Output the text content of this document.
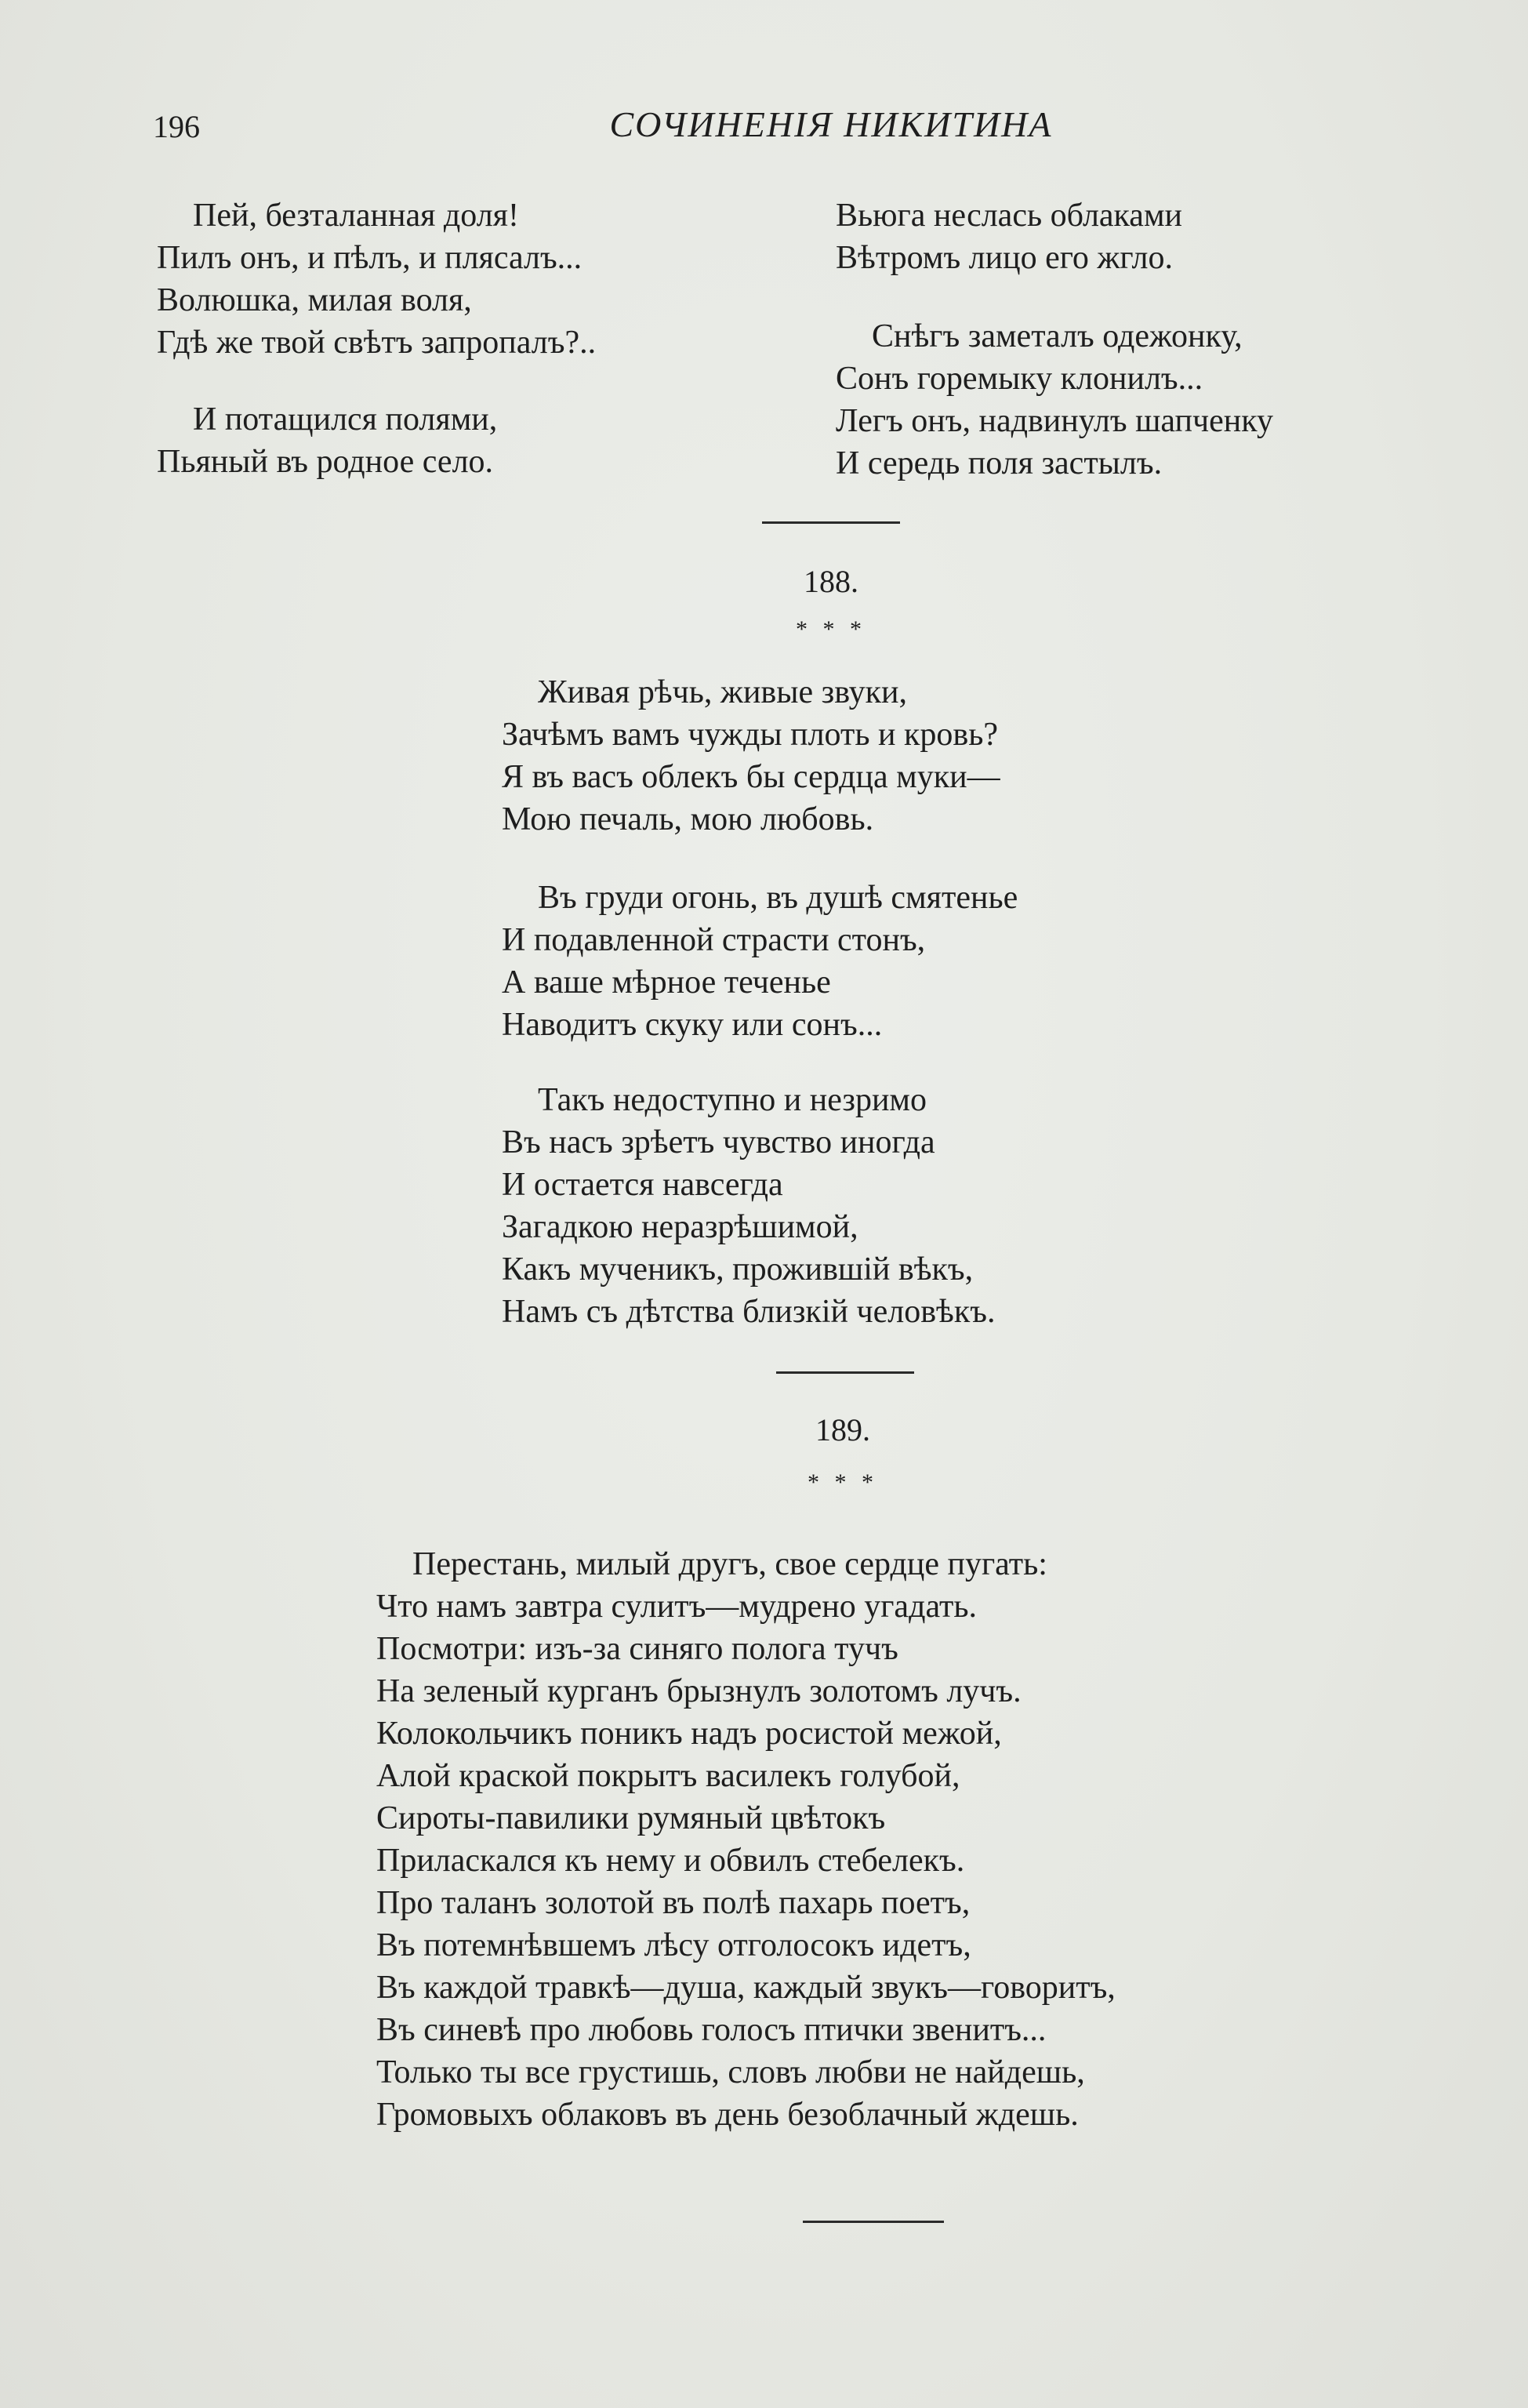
196	СОЧИНЕНІЯ НИКИТИНА
Пей, безталанная доля!
Пилъ онъ, и пѣлъ, и плясалъ...
Волюшка, милая воля,
Гдѣ же твой свѣтъ запропалъ?..
И потащился полями,
Пьяный въ родное село.
Вьюга неслась облаками
Вѣтромъ лицо его жгло.
Снѣгъ заметалъ одежонку,
Сонъ горемыку клонилъ...
Легъ онъ, надвинулъ шапченку
И середь поля застылъ.
188.
* * *
Живая рѣчь, живые звуки,
Зачѣмъ вамъ чужды плоть и кровь?
Я въ васъ облекъ бы сердца муки—
Мою печаль, мою любовь.
Въ груди огонь, въ душѣ смятенье
И подавленной страсти стонъ,
А ваше мѣрное теченье
Наводитъ скуку или сонъ...
Такъ недоступно и незримо
Въ насъ зрѣетъ чувство иногда
И остается навсегда
Загадкою неразрѣшимой,
Какъ мученикъ, прожившій вѣкъ,
Намъ съ дѣтства близкій человѣкъ.
189.
* * *
Перестань, милый другъ, свое сердце пугать:
Что намъ завтра сулитъ—мудрено угадать.
Посмотри: изъ-за синяго полога тучъ
На зеленый курганъ брызнулъ золотомъ лучъ.
Колокольчикъ поникъ надъ росистой межой,
Алой краской покрытъ василекъ голубой,
Сироты-павилики румяный цвѣтокъ
Приласкался къ нему и обвилъ стебелекъ.
Про таланъ золотой въ полѣ пахарь поетъ,
Въ потемнѣвшемъ лѣсу отголосокъ идетъ,
Въ каждой травкѣ—душа, каждый звукъ—говоритъ,
Въ синевѣ про любовь голосъ птички звенитъ...
Только ты все грустишь, словъ любви не найдешь,
Громовыхъ облаковъ въ день безоблачный ждешь.
